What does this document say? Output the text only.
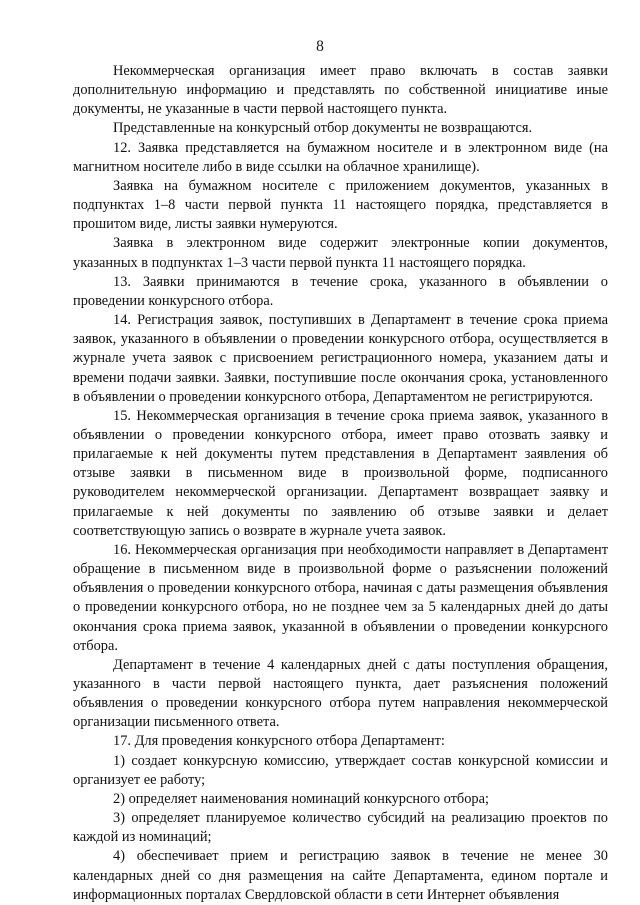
8

Некоммерческая организация имеет право включать в состав заявки дополнительную информацию и представлять по собственной инициативе иные документы, не указанные в части первой настоящего пункта.

Представленные на конкурсный отбор документы не возвращаются.

12. Заявка представляется на бумажном носителе и в электронном виде (на магнитном носителе либо в виде ссылки на облачное хранилище).

Заявка на бумажном носителе с приложением документов, указанных в подпунктах 1–8 части первой пункта 11 настоящего порядка, представляется в прошитом виде, листы заявки нумеруются.

Заявка в электронном виде содержит электронные копии документов, указанных в подпунктах 1–3 части первой пункта 11 настоящего порядка.

13. Заявки принимаются в течение срока, указанного в объявлении о проведении конкурсного отбора.

14. Регистрация заявок, поступивших в Департамент в течение срока приема заявок, указанного в объявлении о проведении конкурсного отбора, осуществляется в журнале учета заявок с присвоением регистрационного номера, указанием даты и времени подачи заявки. Заявки, поступившие после окончания срока, установленного в объявлении о проведении конкурсного отбора, Департаментом не регистрируются.

15. Некоммерческая организация в течение срока приема заявок, указанного в объявлении о проведении конкурсного отбора, имеет право отозвать заявку и прилагаемые к ней документы путем представления в Департамент заявления об отзыве заявки в письменном виде в произвольной форме, подписанного руководителем некоммерческой организации. Департамент возвращает заявку и прилагаемые к ней документы по заявлению об отзыве заявки и делает соответствующую запись о возврате в журнале учета заявок.

16. Некоммерческая организация при необходимости направляет в Департамент обращение в письменном виде в произвольной форме о разъяснении положений объявления о проведении конкурсного отбора, начиная с даты размещения объявления о проведении конкурсного отбора, но не позднее чем за 5 календарных дней до даты окончания срока приема заявок, указанной в объявлении о проведении конкурсного отбора.

Департамент в течение 4 календарных дней с даты поступления обращения, указанного в части первой настоящего пункта, дает разъяснения положений объявления о проведении конкурсного отбора путем направления некоммерческой организации письменного ответа.

17. Для проведения конкурсного отбора Департамент:

1) создает конкурсную комиссию, утверждает состав конкурсной комиссии и организует ее работу;

2) определяет наименования номинаций конкурсного отбора;

3) определяет планируемое количество субсидий на реализацию проектов по каждой из номинаций;

4) обеспечивает прием и регистрацию заявок в течение не менее 30 календарных дней со дня размещения на сайте Департамента, едином портале и информационных порталах Свердловской области в сети Интернет объявления
